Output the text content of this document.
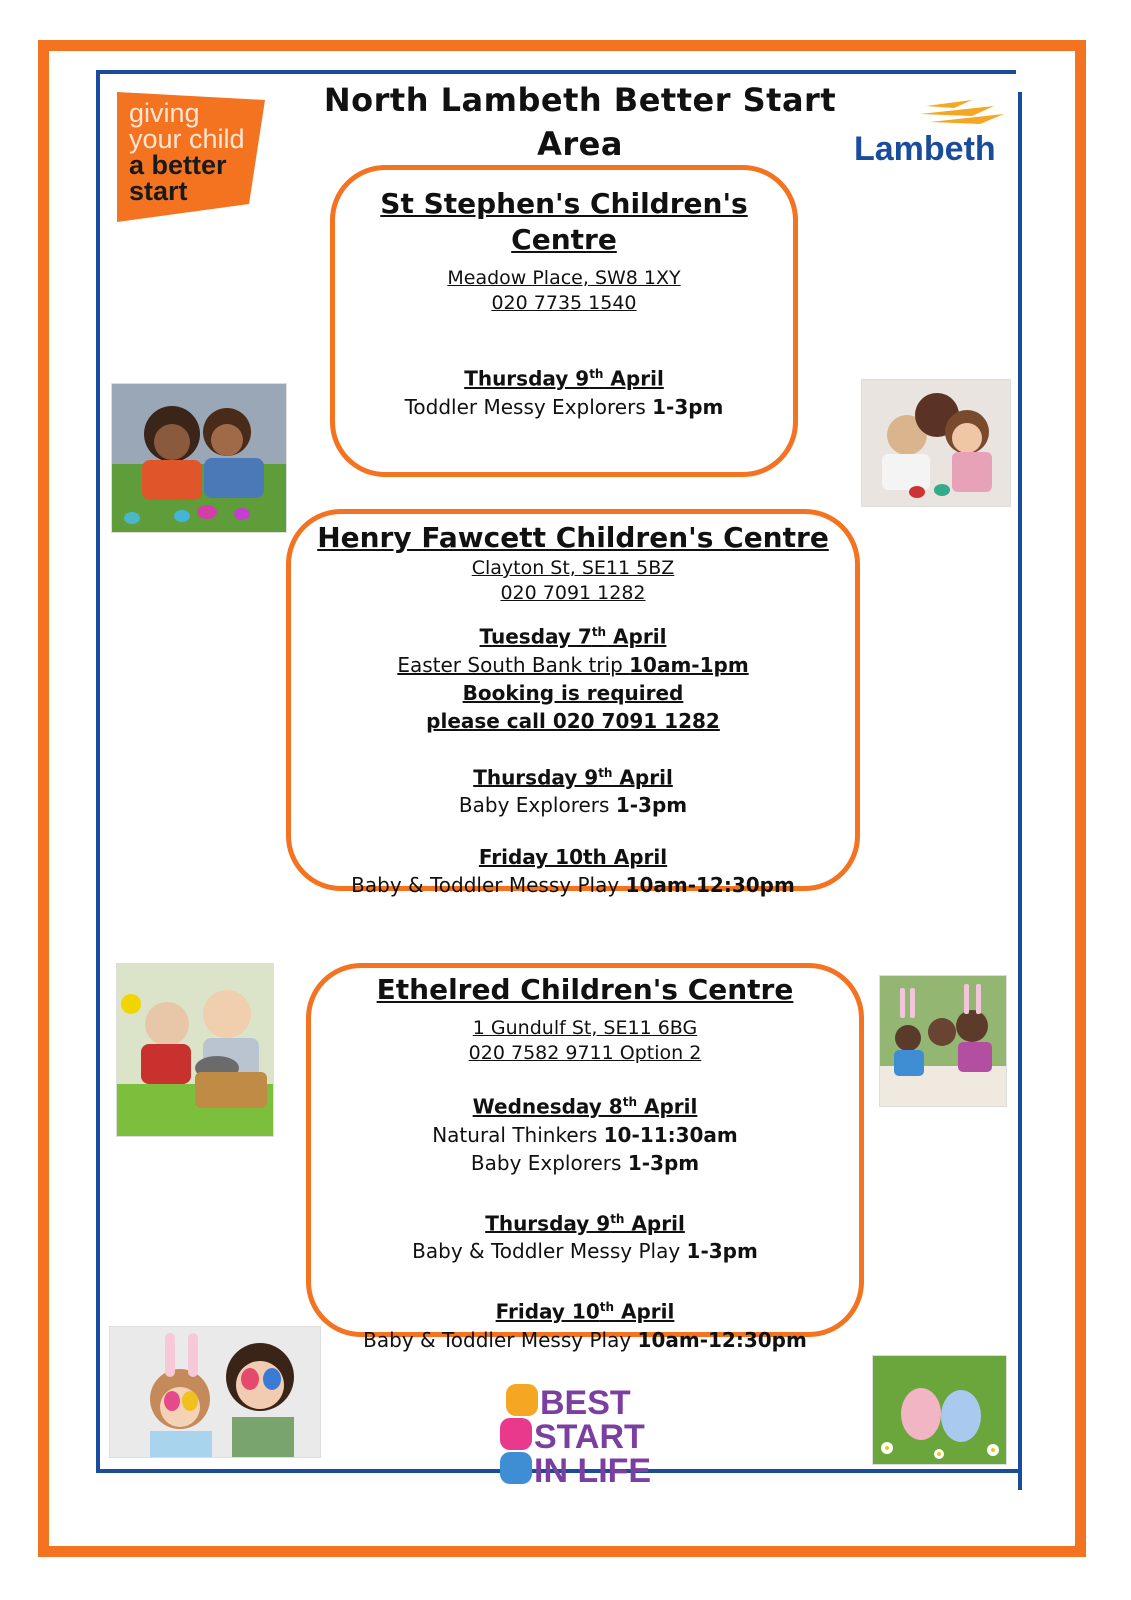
North Lambeth Better Start
Area
giving
your child
a better
start
Lambeth
St Stephen's Children's Centre
Meadow Place, SW8 1XY
020 7735 1540
Thursday 9th April
Toddler Messy Explorers 1-3pm
Henry Fawcett Children's Centre
Clayton St, SE11 5BZ
020 7091 1282
Tuesday 7th April
Easter South Bank trip 10am-1pm
Booking is required
please call 020 7091 1282
Thursday 9th April
Baby Explorers 1-3pm
Friday 10th April
Baby & Toddler Messy Play 10am-12:30pm
Ethelred Children's Centre
1 Gundulf St, SE11 6BG
020 7582 9711 Option 2
Wednesday 8th April
Natural Thinkers 10-11:30am
Baby Explorers 1-3pm
Thursday 9th April
Baby & Toddler Messy Play 1-3pm
Friday 10th April
Baby & Toddler Messy Play 10am-12:30pm
BEST
START
IN LIFE
